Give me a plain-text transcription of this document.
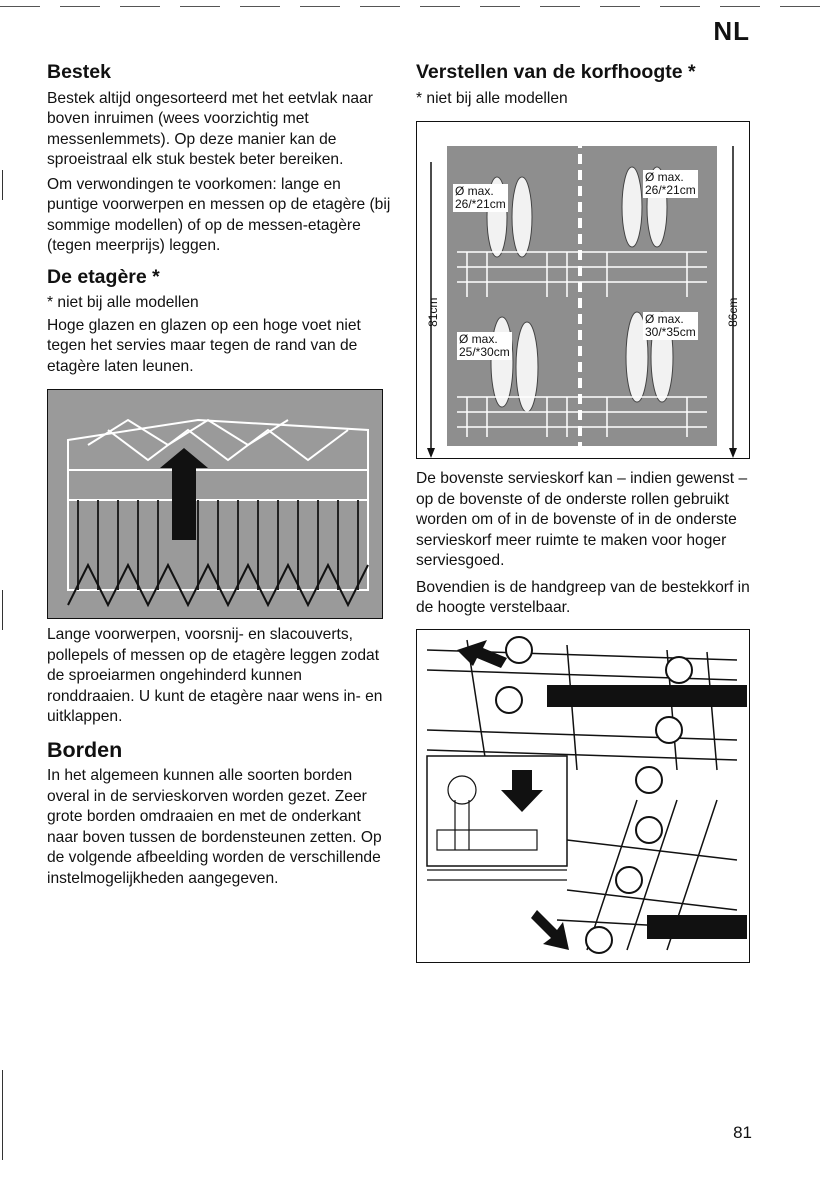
NL
Bestek

Bestek altijd ongesorteerd met het eetvlak naar boven inruimen (wees voorzichtig met messenlemmets). Op deze manier kan de sproeistraal elk stuk bestek beter bereiken.

Om verwondingen te voorkomen: lange en puntige voorwerpen en messen op de etagère (bij sommige modellen) of op de messen-etagère (tegen meerprijs) leggen.

De etagère *

* niet bij alle modellen

Hoge glazen en glazen op een hoge voet niet tegen het servies maar tegen de rand van de etagère laten leunen.

Lange voorwerpen, voorsnij- en slacouverts, pollepels of messen op de etagère leggen zodat de sproeiarmen ongehinderd kunnen ronddraaien. U kunt de etagère naar wens in- en uitklappen.

Borden

In het algemeen kunnen alle soorten borden overal in de servieskorven worden gezet. Zeer grote borden omdraaien en met de onderkant naar boven tussen de bordensteunen zetten. Op de volgende afbeelding worden de verschillende instelmogelijkheden aangegeven.

Verstellen van de korfhoogte *

* niet bij alle modellen

Ø max.
26/*21cm
Ø max.
26/*21cm
Ø max.
25/*30cm
Ø max.
30/*35cm
81cm	86cm

De bovenste servieskorf kan – indien gewenst – op de bovenste of de onderste rollen gebruikt worden om of in de bovenste of in de onderste servieskorf meer ruimte te maken voor hoger serviesgoed.

Bovendien is de handgreep van de bestekkorf in de hoogte verstelbaar.

81
